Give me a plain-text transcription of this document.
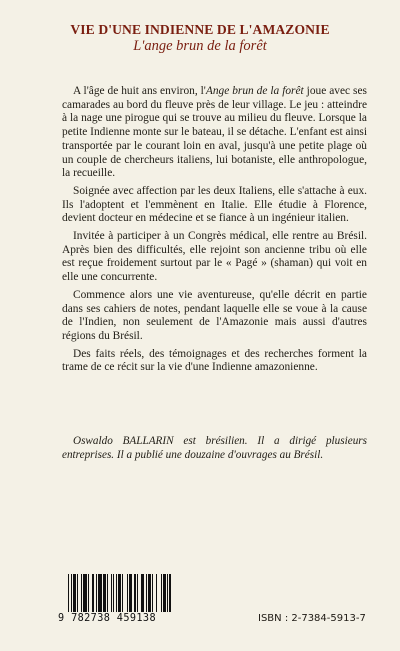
VIE D'UNE INDIENNE DE L'AMAZONIE
L'ange brun de la forêt

A l'âge de huit ans environ, l'Ange brun de la forêt joue avec ses camarades au bord du fleuve près de leur village. Le jeu : atteindre à la nage une pirogue qui se trouve au milieu du fleuve. Lorsque la petite Indienne monte sur le bateau, il se détache. L'enfant est ainsi transportée par le courant loin en aval, jusqu'à une petite plage où un couple de chercheurs italiens, lui botaniste, elle anthropologue, la recueille.

Soignée avec affection par les deux Italiens, elle s'attache à eux. Ils l'adoptent et l'emmènent en Italie. Elle étudie à Florence, devient docteur en médecine et se fiance à un ingénieur italien.

Invitée à participer à un Congrès médical, elle rentre au Brésil. Après bien des difficultés, elle rejoint son ancienne tribu où elle est reçue froidement surtout par le « Pagé » (shaman) qui voit en elle une concurrente.

Commence alors une vie aventureuse, qu'elle décrit en partie dans ses cahiers de notes, pendant laquelle elle se voue à la cause de l'Indien, non seulement de l'Amazonie mais aussi d'autres régions du Brésil.

Des faits réels, des témoignages et des recherches forment la trame de ce récit sur la vie d'une Indienne amazonienne.

Oswaldo BALLARIN est brésilien. Il a dirigé plusieurs entreprises. Il a publié une douzaine d'ouvrages au Brésil.

9 782738 459138	ISBN : 2-7384-5913-7
